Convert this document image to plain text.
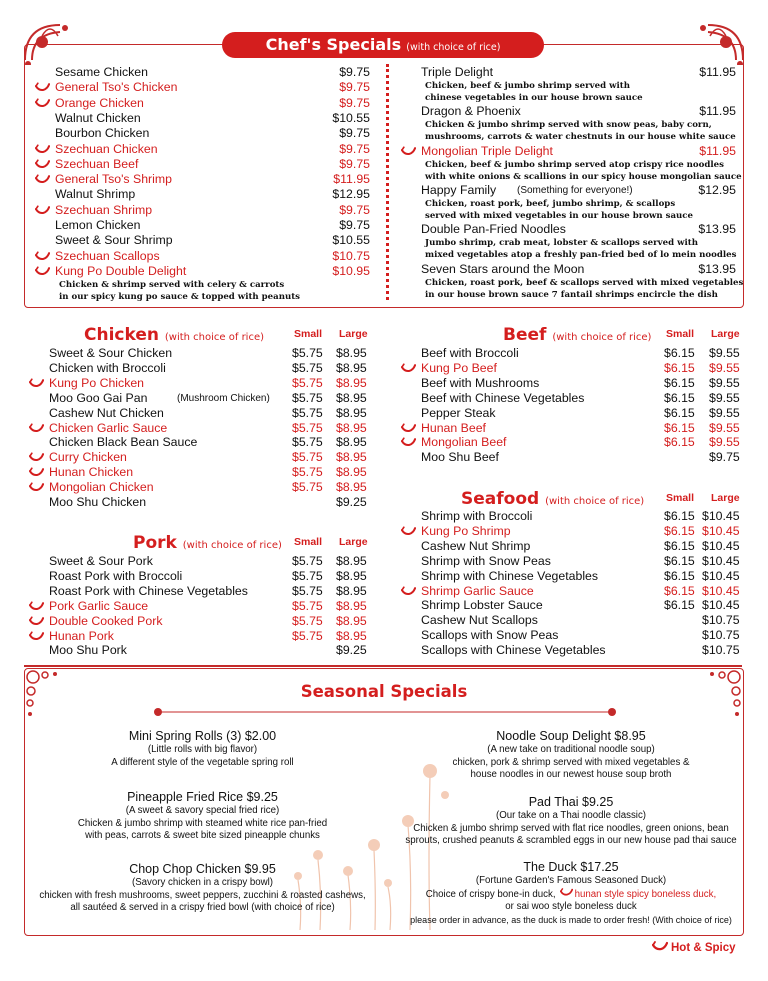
Chef's Specials (with choice of rice)
Sesame Chicken	$9.75
General Tso's Chicken	$9.75
Orange Chicken	$9.75
Walnut Chicken	$10.55
Bourbon Chicken	$9.75
Szechuan Chicken	$9.75
Szechuan Beef	$9.75
General Tso's Shrimp	$11.95
Walnut Shrimp	$12.95
Szechuan Shrimp	$9.75
Lemon Chicken	$9.75
Sweet & Sour Shrimp	$10.55
Szechuan Scallops	$10.75
Kung Po Double Delight	$10.95
Chicken & shrimp served with celery & carrots
in our spicy kung po sauce & topped with peanuts
Triple Delight	$11.95
Chicken, beef & jumbo shrimp served with
chinese vegetables in our house brown sauce
Dragon & Phoenix	$11.95
Chicken & jumbo shrimp served with snow peas, baby corn,
mushrooms, carrots & water chestnuts in our house white sauce
Mongolian Triple Delight	$11.95
Chicken, beef & jumbo shrimp served atop crispy rice noodles
with white onions & scallions in our spicy house mongolian sauce
Happy Family (Something for everyone!)	$12.95
Chicken, roast pork, beef, jumbo shrimp, & scallops
served with mixed vegetables in our house brown sauce
Double Pan-Fried Noodles	$13.95
Jumbo shrimp, crab meat, lobster & scallops served with
mixed vegetables atop a freshly pan-fried bed of lo mein noodles
Seven Stars around the Moon	$13.95
Chicken, roast pork, beef & scallops served with mixed vegetables
in our house brown sauce 7 fantail shrimps encircle the dish
Chicken (with choice of rice)	Small Large
Sweet & Sour Chicken	$5.75 $8.95
Chicken with Broccoli	$5.75 $8.95
Kung Po Chicken	$5.75 $8.95
Moo Goo Gai Pan	(Mushroom Chicken) $5.75 $8.95
Cashew Nut Chicken	$5.75 $8.95
Chicken Garlic Sauce	$5.75 $8.95
Chicken Black Bean Sauce	$5.75 $8.95
Curry Chicken	$5.75 $8.95
Hunan Chicken	$5.75 $8.95
Mongolian Chicken	$5.75 $8.95
Moo Shu Chicken	$9.25
Pork (with choice of rice) Small Large
Sweet & Sour Pork	$5.75 $8.95
Roast Pork with Broccoli	$5.75 $8.95
Roast Pork with Chinese Vegetables	$5.75 $8.95
Pork Garlic Sauce	$5.75 $8.95
Double Cooked Pork	$5.75 $8.95
Hunan Pork	$5.75 $8.95
Moo Shu Pork	$9.25
Beef (with choice of rice) Small Large
Beef with Broccoli	$6.15 $9.55
Kung Po Beef	$6.15 $9.55
Beef with Mushrooms	$6.15 $9.55
Beef with Chinese Vegetables	$6.15 $9.55
Pepper Steak	$6.15 $9.55
Hunan Beef	$6.15 $9.55
Mongolian Beef	$6.15 $9.55
Moo Shu Beef	$9.75
Seafood (with choice of rice) Small Large
Shrimp with Broccoli	$6.15 $10.45
Kung Po Shrimp	$6.15 $10.45
Cashew Nut Shrimp	$6.15 $10.45
Shrimp with Snow Peas	$6.15 $10.45
Shrimp with Chinese Vegetables	$6.15 $10.45
Shrimp Garlic Sauce	$6.15 $10.45
Shrimp Lobster Sauce	$6.15 $10.45
Cashew Nut Scallops	$10.75
Scallops with Snow Peas	$10.75
Scallops with Chinese Vegetables	$10.75
Seasonal Specials
Mini Spring Rolls (3) $2.00
(Little rolls with big flavor)
A different style of the vegetable spring roll
Pineapple Fried Rice $9.25
(A sweet & savory special fried rice)
Chicken & jumbo shrimp with steamed white rice pan-fried
with peas, carrots & sweet bite sized pineapple chunks
Chop Chop Chicken $9.95
(Savory chicken in a crispy bowl)
chicken with fresh mushrooms, sweet peppers, zucchini & roasted cashews,
all sautéed & served in a crispy fried bowl (with choice of rice)
Noodle Soup Delight $8.95
(A new take on traditional noodle soup)
chicken, pork & shrimp served with mixed vegetables &
house noodles in our newest house soup broth
Pad Thai $9.25
(Our take on a Thai noodle classic)
Chicken & jumbo shrimp served with flat rice noodles, green onions, bean
sprouts, crushed peanuts & scrambled eggs in our new house pad thai sauce
The Duck $17.25
(Fortune Garden's Famous Seasoned Duck)
Choice of crispy bone-in duck, hunan style spicy boneless duck,
or sai woo style boneless duck
please order in advance, as the duck is made to order fresh! (With choice of rice)
Hot & Spicy
